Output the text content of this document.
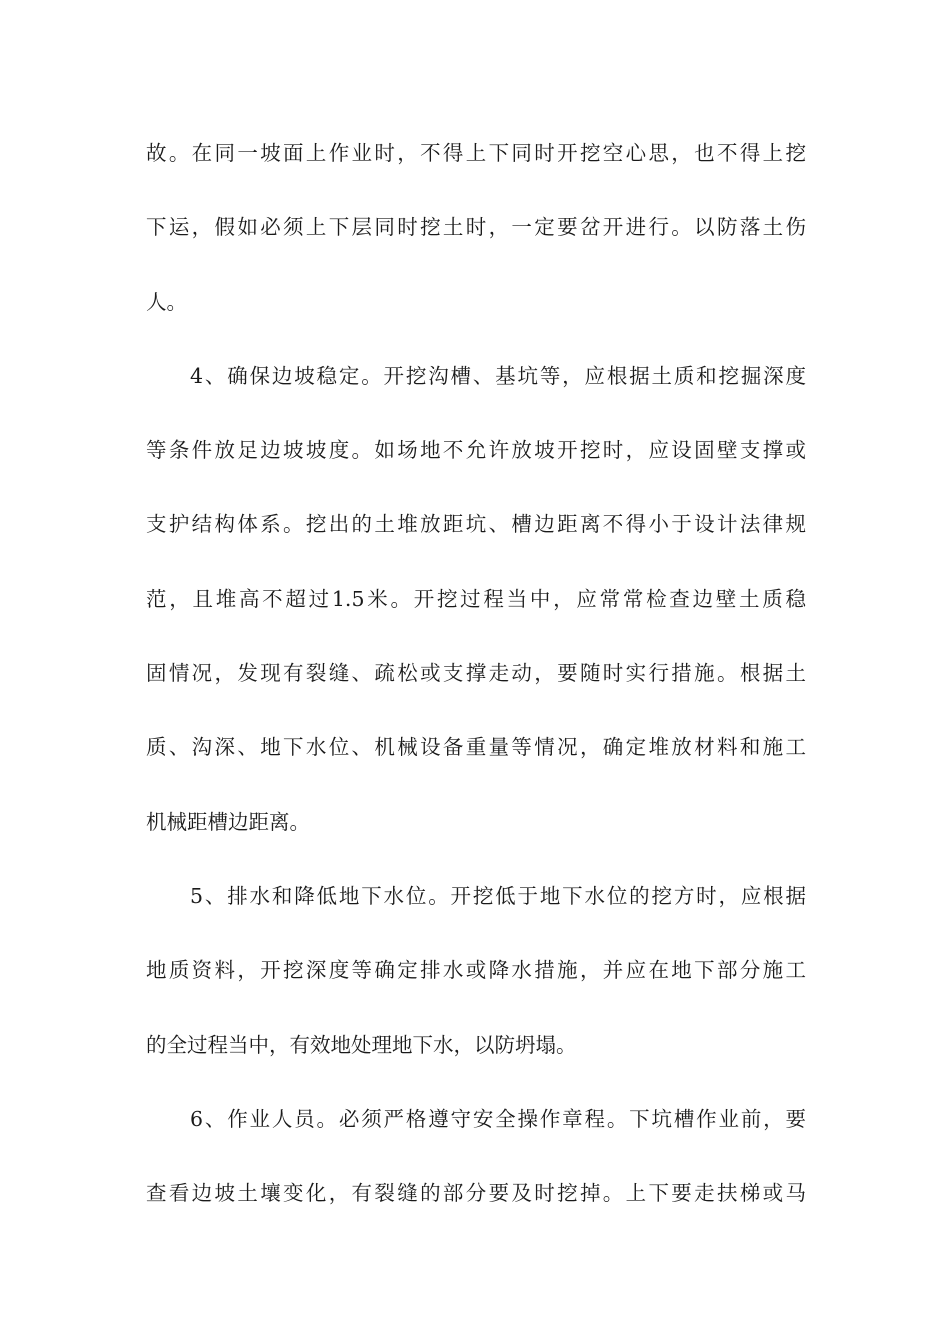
故。在同一坡面上作业时，不得上下同时开挖空心思，也不得上挖
下运，假如必须上下层同时挖土时，一定要岔开进行。以防落土伤
人。
4、确保边坡稳定。开挖沟槽、基坑等，应根据土质和挖掘深度
等条件放足边坡坡度。如场地不允许放坡开挖时，应设固壁支撑或
支护结构体系。挖出的土堆放距坑、槽边距离不得小于设计法律规
范，且堆高不超过1.5米。开挖过程当中，应常常检查边壁土质稳
固情况，发现有裂缝、疏松或支撑走动，要随时实行措施。根据土
质、沟深、地下水位、机械设备重量等情况，确定堆放材料和施工
机械距槽边距离。
5、排水和降低地下水位。开挖低于地下水位的挖方时，应根据
地质资料，开挖深度等确定排水或降水措施，并应在地下部分施工
的全过程当中，有效地处理地下水，以防坍塌。
6、作业人员。必须严格遵守安全操作章程。下坑槽作业前，要
查看边坡土壤变化，有裂缝的部分要及时挖掉。上下要走扶梯或马
